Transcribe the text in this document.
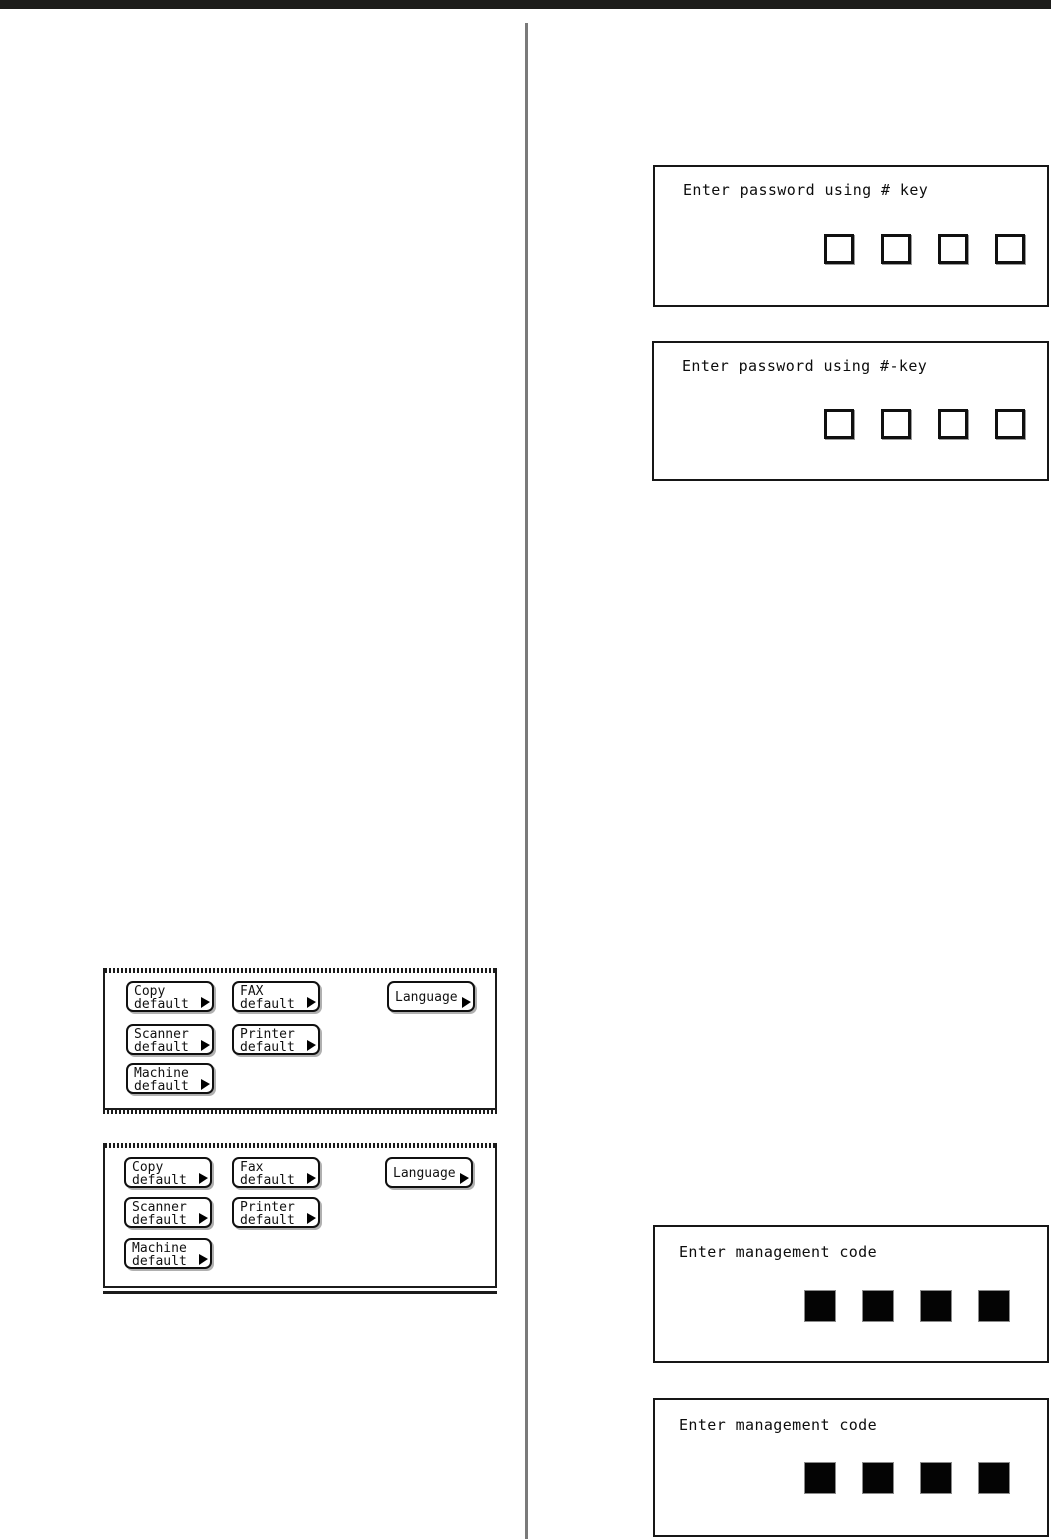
Enter password using # key
Enter password using #-key
Copy
default
FAX
default	Language
Scanner
default
Printer
default
Machine
default
Copy
default
Fax
default	Language
Scanner
default
Printer
default
Machine
default
Enter management code
Enter management code
